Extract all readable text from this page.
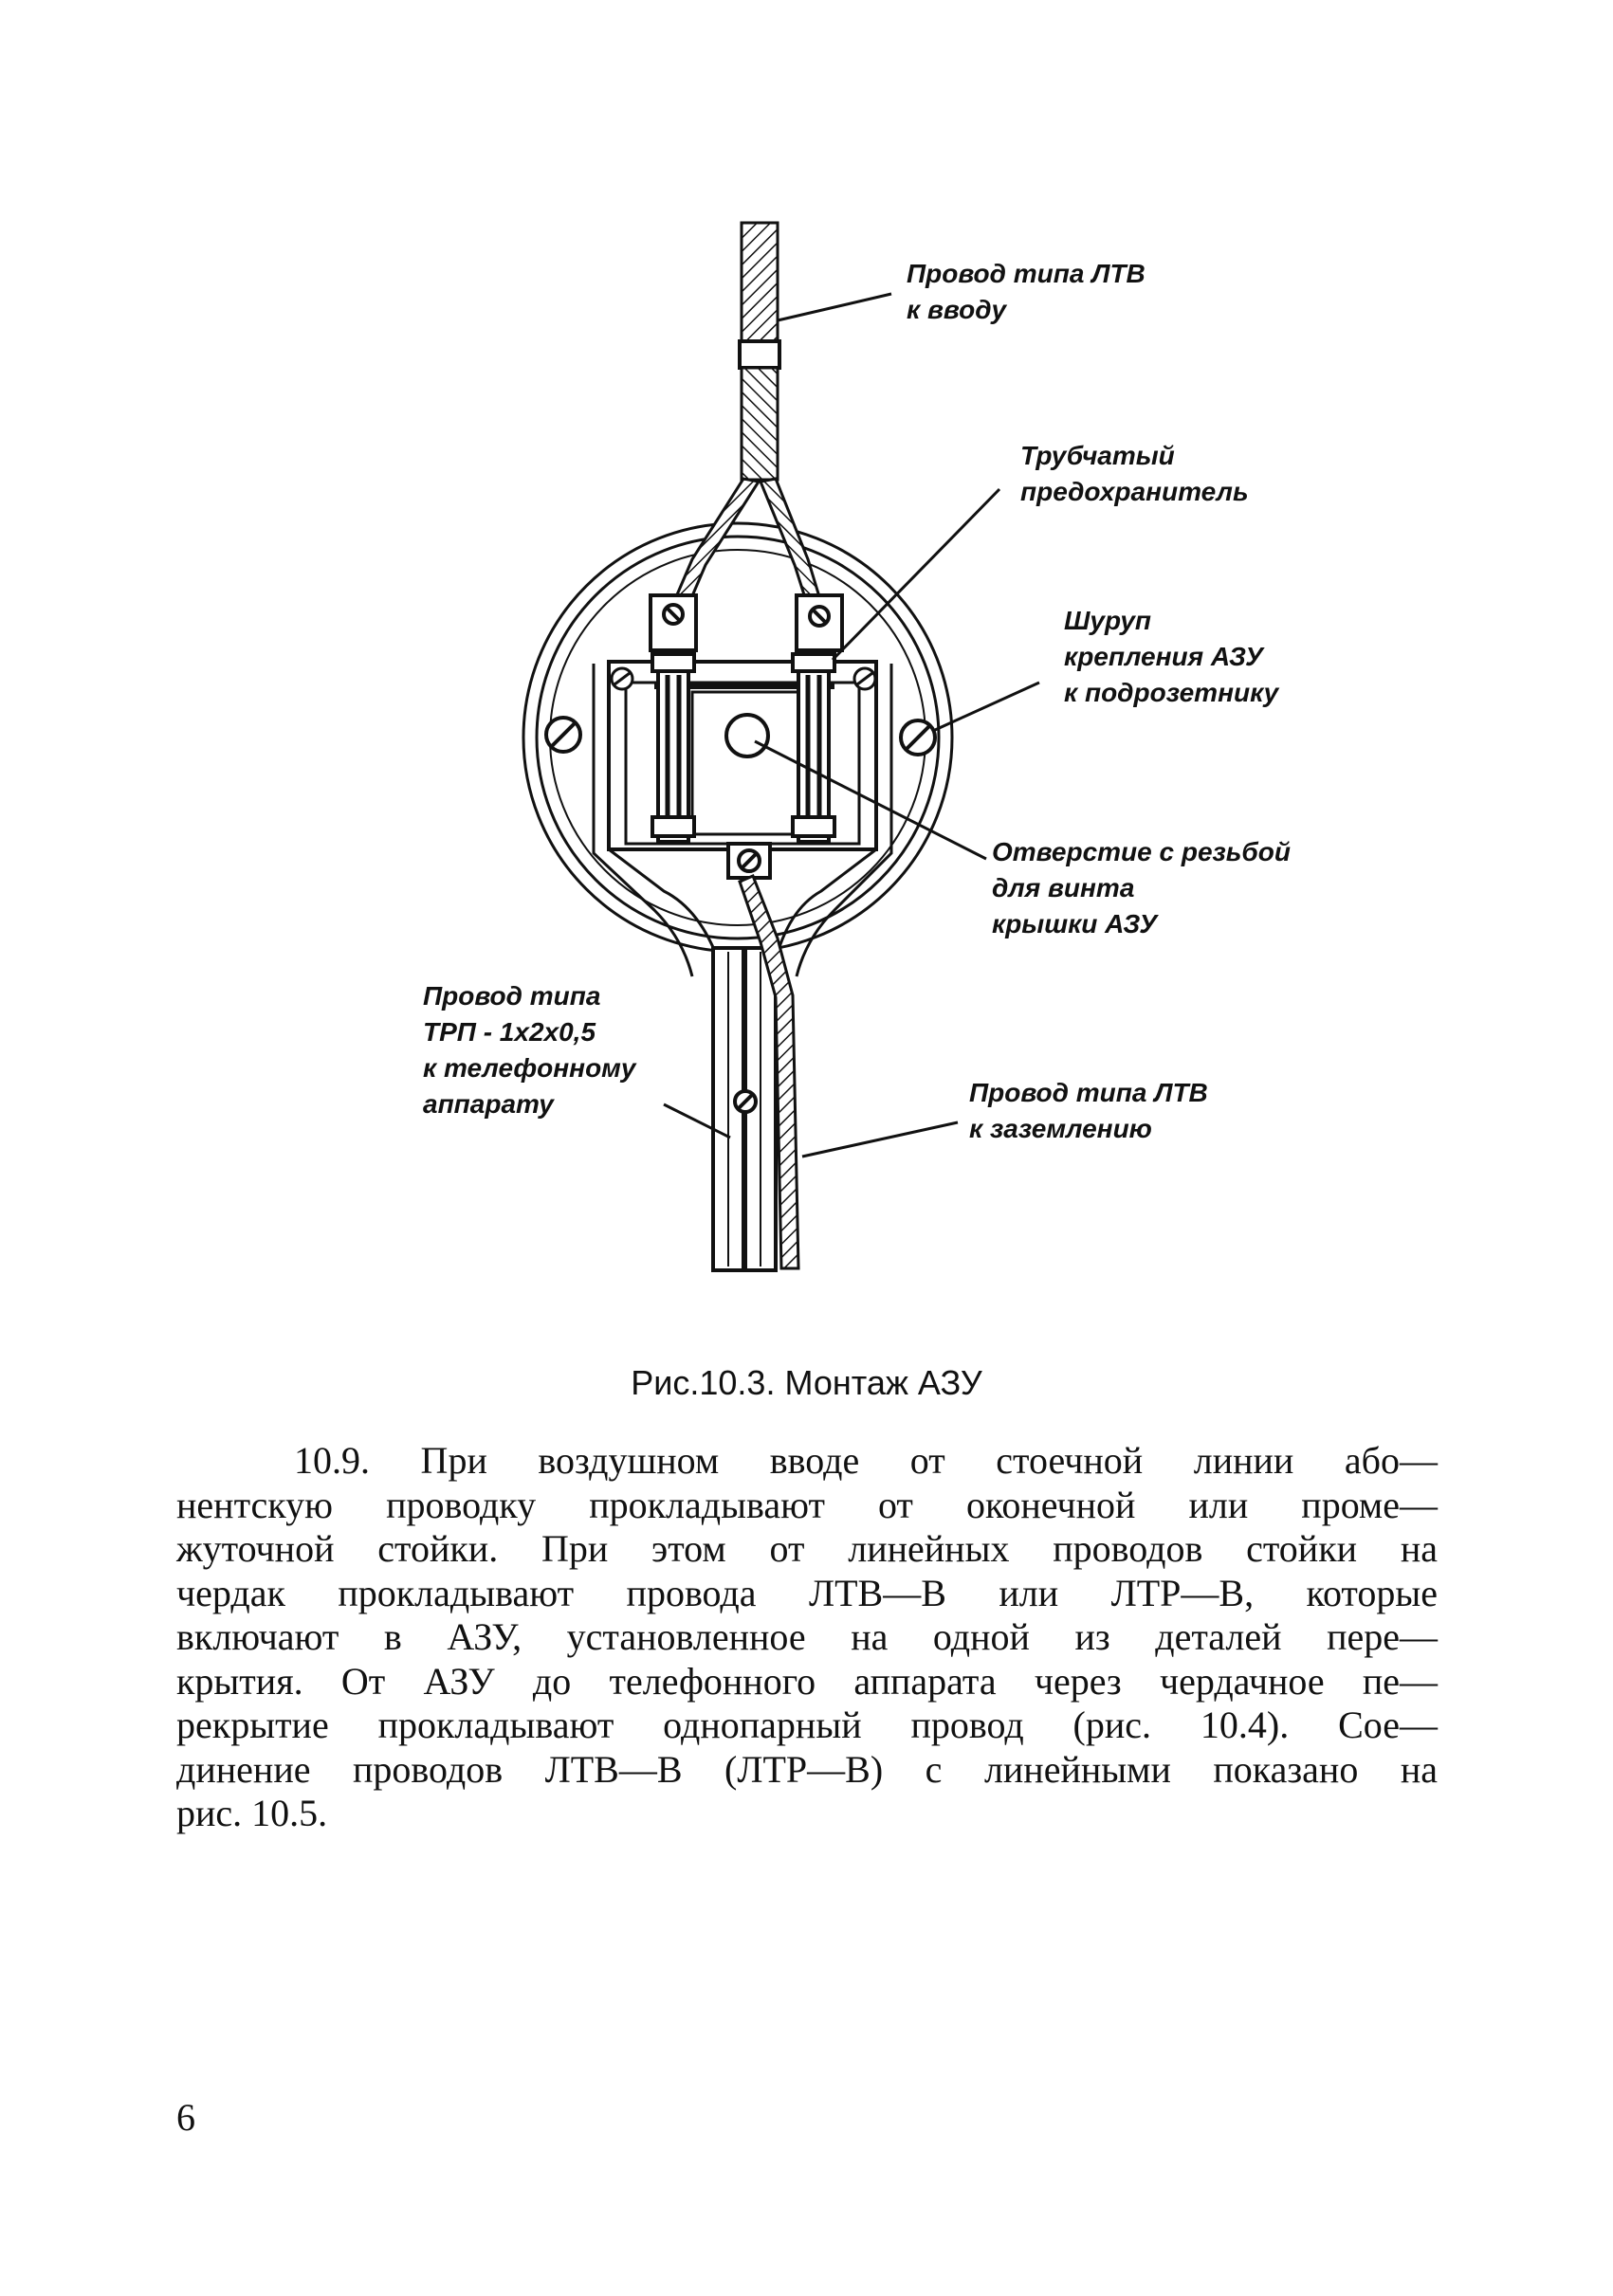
Провод типа ЛТВ
к вводу
Трубчатый
предохранитель
Шуруп
крепления АЗУ
к подрозетнику
Отверстие с резьбой
для винта
крышки АЗУ
Провод типа
ТРП - 1х2х0,5
к телефонному
аппарату	Провод типа ЛТВ
к заземлению

Рис.10.3. Монтаж АЗУ

10.9. При воздушном вводе от стоечной линии або—
нентскую проводку прокладывают от оконечной или проме—
жуточной стойки. При этом от линейных проводов стойки на
чердак прокладывают провода ЛТВ—В или ЛТР—В, которые
включают в АЗУ, установленное на одной из деталей пере—
крытия. От АЗУ до телефонного аппарата через чердачное пе—
рекрытие прокладывают однопарный провод (рис. 10.4). Сое—
динение проводов ЛТВ—В (ЛТР—В) с линейными показано на
рис. 10.5.

6
